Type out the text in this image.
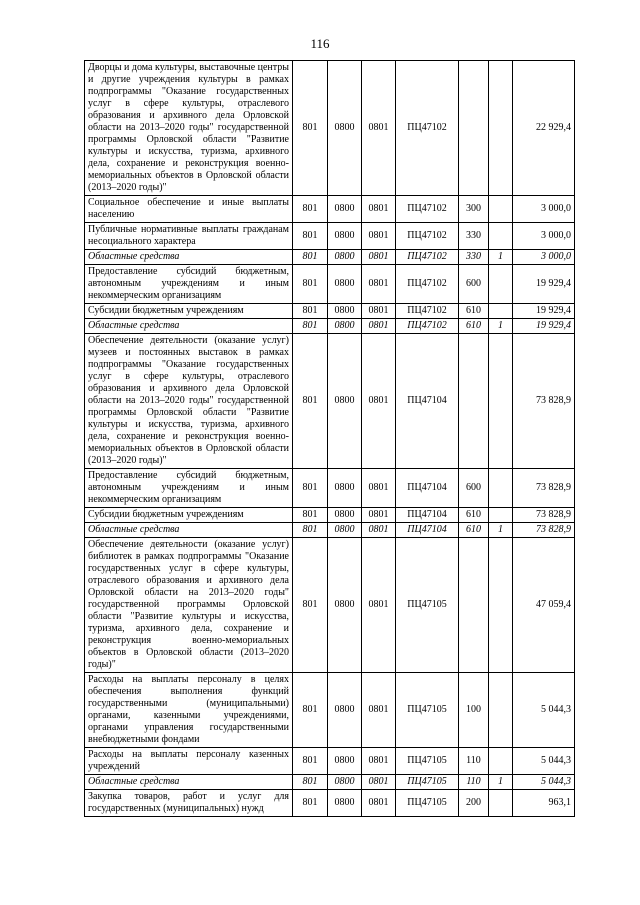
116
Дворцы и дома культуры, выставочные центры и другие учреждения культуры в рамках подпрограммы "Оказание государственных услуг в сфере культуры, отраслевого образования и архивного дела Орловской области на 2013–2020 годы" государственной программы Орловской области "Развитие культуры и искусства, туризма, архивного дела, сохранение и реконструкция военно-мемориальных объектов в Орловской области (2013–2020 годы)"	801	0800	0801	ПЦ47102			22 929,4
Социальное обеспечение и иные выплаты населению	801	0800	0801	ПЦ47102	300		3 000,0
Публичные нормативные выплаты гражданам несоциального характера	801	0800	0801	ПЦ47102	330		3 000,0
Областные средства	801	0800	0801	ПЦ47102	330	1	3 000,0
Предоставление субсидий бюджетным, автономным учреждениям и иным некоммерческим организациям	801	0800	0801	ПЦ47102	600		19 929,4
Субсидии бюджетным учреждениям	801	0800	0801	ПЦ47102	610		19 929,4
Областные средства	801	0800	0801	ПЦ47102	610	1	19 929,4
Обеспечение деятельности (оказание услуг) музеев и постоянных выставок в рамках подпрограммы "Оказание государственных услуг в сфере культуры, отраслевого образования и архивного дела Орловской области на 2013–2020 годы" государственной программы Орловской области "Развитие культуры и искусства, туризма, архивного дела, сохранение и реконструкция военно-мемориальных объектов в Орловской области (2013–2020 годы)"	801	0800	0801	ПЦ47104			73 828,9
Предоставление субсидий бюджетным, автономным учреждениям и иным некоммерческим организациям	801	0800	0801	ПЦ47104	600		73 828,9
Субсидии бюджетным учреждениям	801	0800	0801	ПЦ47104	610		73 828,9
Областные средства	801	0800	0801	ПЦ47104	610	1	73 828,9
Обеспечение деятельности (оказание услуг) библиотек в рамках подпрограммы "Оказание государственных услуг в сфере культуры, отраслевого образования и архивного дела Орловской области на 2013–2020 годы" государственной программы Орловской области "Развитие культуры и искусства, туризма, архивного дела, сохранение и реконструкция военно-мемориальных объектов в Орловской области (2013–2020 годы)"	801	0800	0801	ПЦ47105			47 059,4
Расходы на выплаты персоналу в целях обеспечения выполнения функций государственными (муниципальными) органами, казенными учреждениями, органами управления государственными внебюджетными фондами	801	0800	0801	ПЦ47105	100		5 044,3
Расходы на выплаты персоналу казенных учреждений	801	0800	0801	ПЦ47105	110		5 044,3
Областные средства	801	0800	0801	ПЦ47105	110	1	5 044,3
Закупка товаров, работ и услуг для государственных (муниципальных) нужд	801	0800	0801	ПЦ47105	200		963,1
